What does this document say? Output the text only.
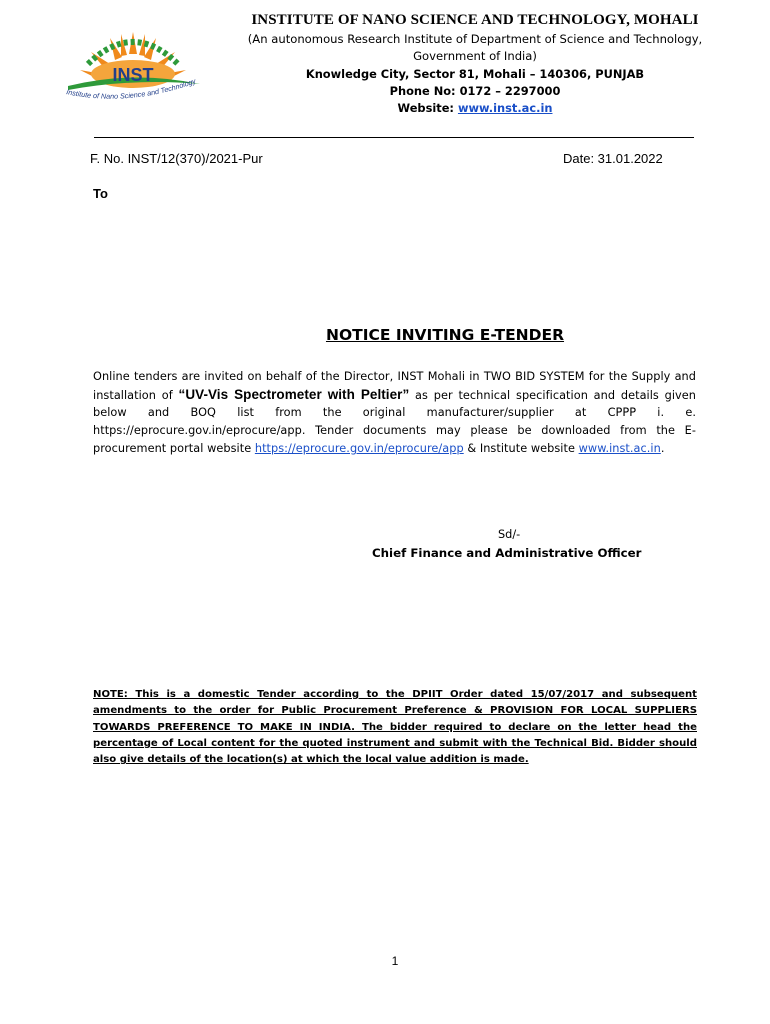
INST
Institute of Nano Science and Technology
INSTITUTE OF NANO SCIENCE AND TECHNOLOGY, MOHALI
(An autonomous Research Institute of Department of Science and Technology,
Government of India)
Knowledge City, Sector 81, Mohali – 140306, PUNJAB
Phone No: 0172 – 2297000
Website: www.inst.ac.in
F. No. INST/12(370)/2021-Pur	Date: 31.01.2022
To
NOTICE INVITING E-TENDER
Online tenders are invited on behalf of the Director, INST Mohali in TWO BID SYSTEM for the Supply and installation of “UV-Vis Spectrometer with Peltier” as per technical specification and details given below and BOQ list from the original manufacturer/supplier at CPPP i. e. https://eprocure.gov.in/eprocure/app. Tender documents may please be downloaded from the E-procurement portal website https://eprocure.gov.in/eprocure/app & Institute website www.inst.ac.in.
Sd/-
Chief Finance and Administrative Officer
NOTE: This is a domestic Tender according to the DPIIT Order dated 15/07/2017 and subsequent amendments to the order for Public Procurement Preference & PROVISION FOR LOCAL SUPPLIERS TOWARDS PREFERENCE TO MAKE IN INDIA. The bidder required to declare on the letter head the percentage of Local content for the quoted instrument and submit with the Technical Bid. Bidder should also give details of the location(s) at which the local value addition is made.
1
